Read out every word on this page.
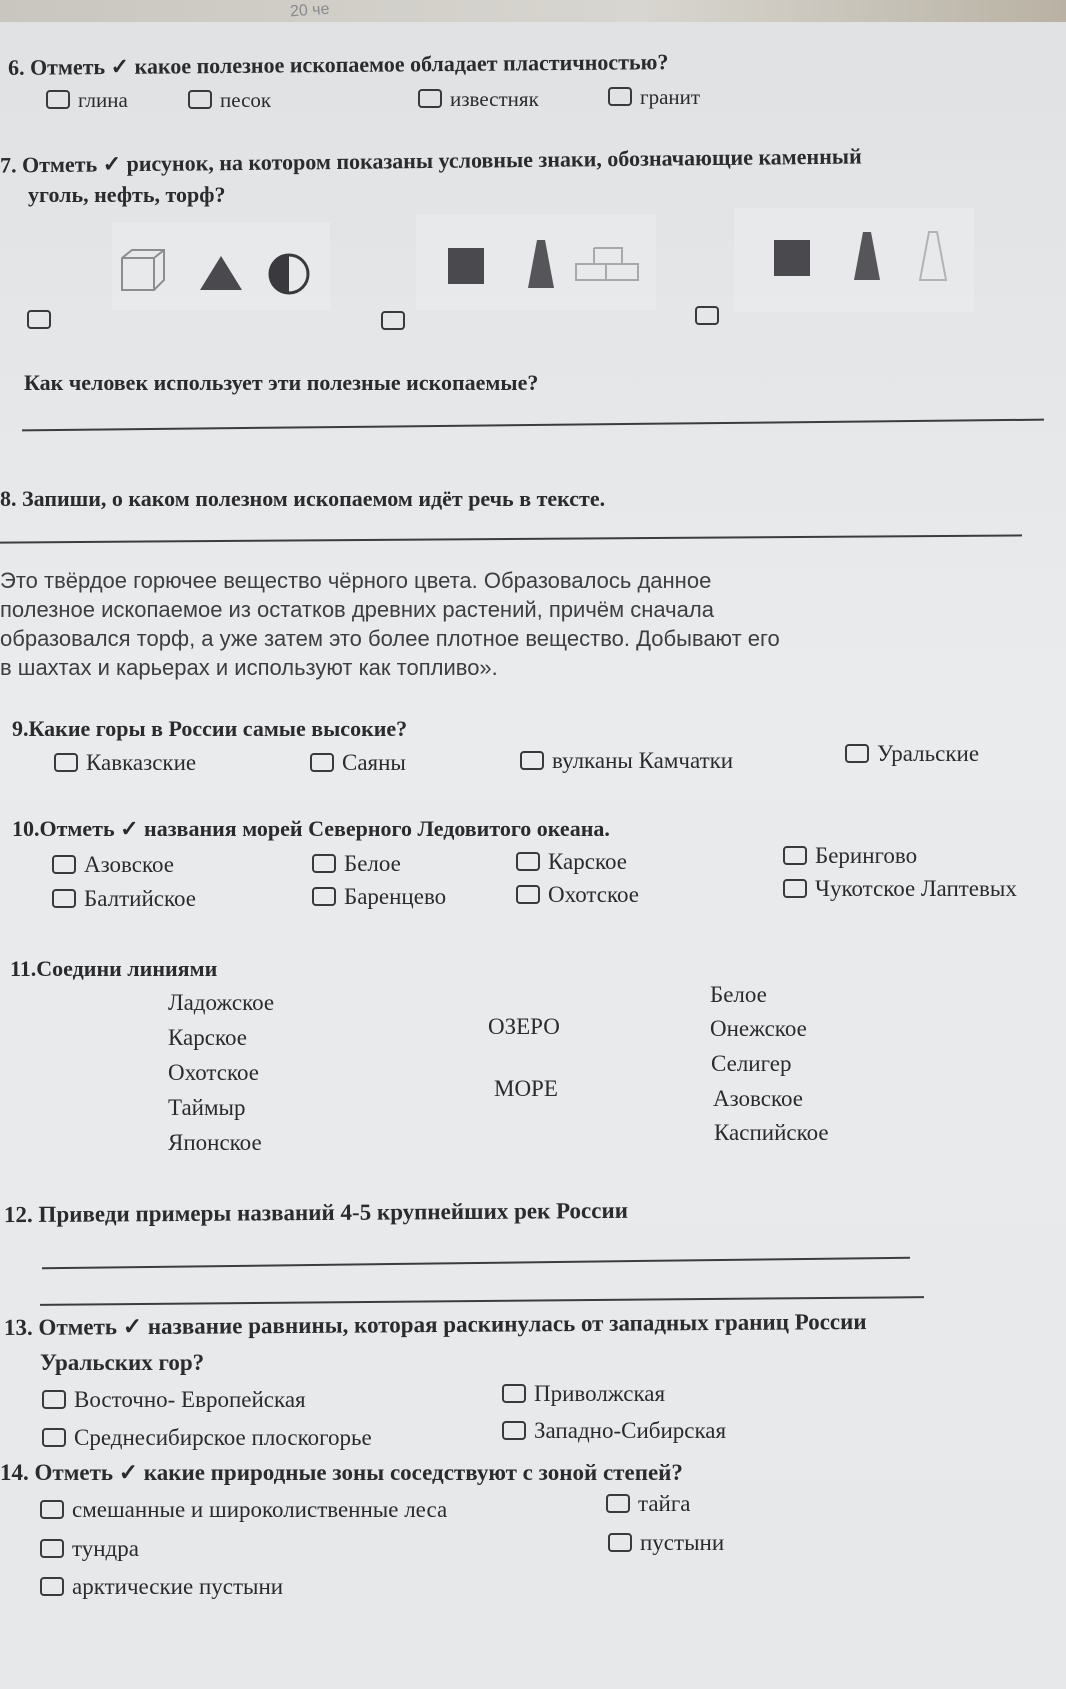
20 че
6. Отметь ✓ какое полезное ископаемое обладает пластичностью?
глина	песок	известняк	гранит
7. Отметь ✓ рисунок, на котором показаны условные знаки, обозначающие каменный
уголь, нефть, торф?
Как человек использует эти полезные ископаемые?
8. Запиши, о каком полезном ископаемом идёт речь в тексте.
Это твёрдое горючее вещество чёрного цвета. Образовалось данное
полезное ископаемое из остатков древних растений, причём сначала
образовался торф, а уже затем это более плотное вещество. Добывают его
в шахтах и карьерах и используют как топливо».
9.Какие горы в России самые высокие?
Кавказские	Саяны	вулканы Камчатки	Уральские
10.Отметь ✓ названия морей Северного Ледовитого океана.
Азовское	Белое	Карское	Берингово
Балтийское	Баренцево	Охотское	Чукотское Лаптевых
11.Соедини линиями
Ладожское
Карское
Охотское
Таймыр
Японское
ОЗЕРО
МОРЕ
Белое
Онежское
Селигер
Азовское
Каспийское
12. Приведи примеры названий 4-5 крупнейших рек России
13. Отметь ✓ название равнины, которая раскинулась от западных границ России
Уральских гор?
Восточно- Европейская	Приволжская
Среднесибирское плоскогорье	Западно-Сибирская
14. Отметь ✓ какие природные зоны соседствуют с зоной степей?
смешанные и широколиственные леса	тайга
тундра	пустыни
арктические пустыни
